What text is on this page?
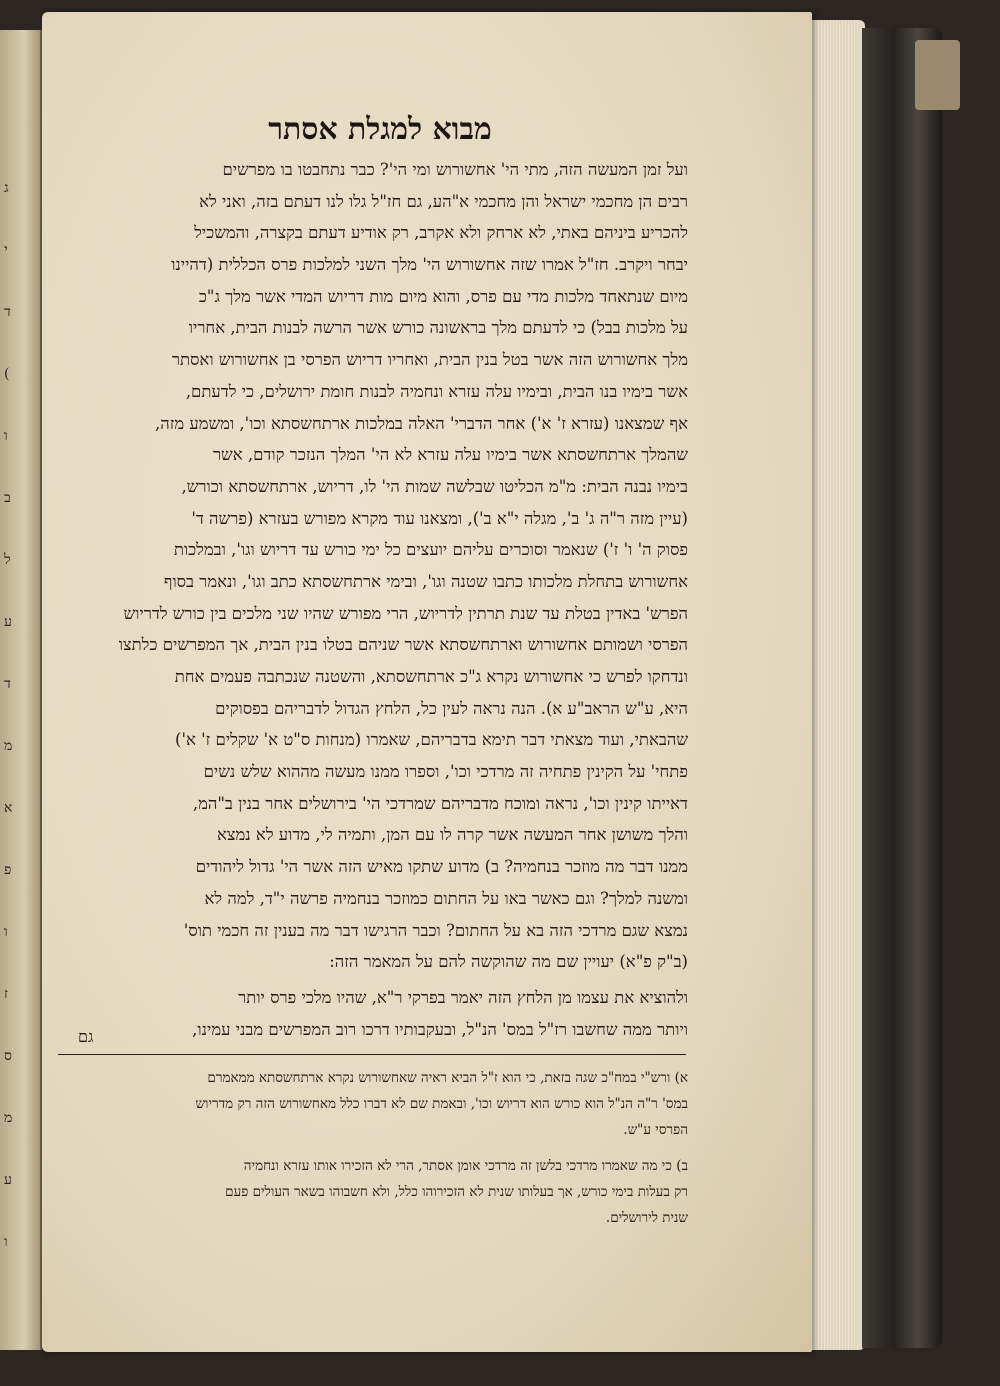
ג
י
ד
(
ו
ב
ל
ע
ד
מ
א
פ
ו
ז
ס
מ
ע
ו
מבוא למגלת אסתר
ועל זמן המעשה הזה, מתי הי' אחשורוש ומי הי'? כבר נתחבטו בו מפרשים
רבים הן מחכמי ישראל והן מחכמי א"הע, גם חז"ל גלו לנו דעתם בזה, ואני לא
להכריע ביניהם באתי, לא ארחק ולא אקרב, רק אודיע דעתם בקצרה, והמשכיל
יבחר ויקרב. חז"ל אמרו שזה אחשורוש הי' מלך השני למלכות פרס הכללית (דהיינו
מיום שנתאחד מלכות מדי עם פרס, והוא מיום מות דריוש המדי אשר מלך ג"כ
על מלכות בבל) כי לדעתם מלך בראשונה כורש אשר הרשה לבנות הבית, אחריו
מלך אחשורוש הזה אשר בטל בנין הבית, ואחריו דריוש הפרסי בן אחשורוש ואסתר
אשר בימיו בנו הבית, ובימיו עלה עזרא ונחמיה לבנות חומת ירושלים, כי לדעתם,
אף שמצאנו (עזרא ז' א') אחר הדברי' האלה במלכות ארתחשסתא וכו', ומשמע מזה,
שהמלך ארתחשסתא אשר בימיו עלה עזרא לא הי' המלך הנזכר קודם, אשר
בימיו נבנה הבית: מ"מ הכליטו שבלשה שמות הי' לו, דריוש, ארתחשסתא וכורש,
(עיין מזה ר"ה ג' ב', מגלה י"א ב'), ומצאנו עוד מקרא מפורש בעזרא (פרשה ד'
פסוק ה' ו' ז') שנאמר וסוכרים עליהם יועצים כל ימי כורש עד דריוש וגו', ובמלכות
אחשורוש בתחלת מלכותו כתבו שטנה וגו', ובימי ארתחשסתא כתב וגו', ונאמר בסוף
הפרש' באדין בטלת עד שנת תרתין לדריוש, הרי מפורש שהיו שני מלכים בין כורש לדריוש
הפרסי ושמותם אחשורוש וארתחשסתא אשר שניהם בטלו בנין הבית, אך המפרשים כלתצו
ונדחקו לפרש כי אחשורוש נקרא ג"כ ארתחשסתא, והשטנה שנכתבה פעמים אחת
היא, ע"ש הראב"ע א). הנה נראה לעין כל, הלחץ הגדול לדבריהם בפסוקים
שהבאתי, ועוד מצאתי דבר תימא בדבריהם, שאמרו (מנחות ס"ט א' שקלים ז' א')
פתחי' על הקינין פתחיה זה מרדכי וכו', וספרו ממנו מעשה מההוא שלש נשים
דאייתו קינין וכו', נראה ומוכח מדבריהם שמרדכי הי' בירושלים אחר בנין ב"המ,
והלך משושן אחר המעשה אשר קרה לו עם המן, ותמיה לי, מדוע לא נמצא
ממנו דבר מה מוזכר בנחמיה? ב) מדוע שתקו מאיש הזה אשר הי' גדול ליהודים
ומשנה למלך? וגם כאשר באו על החתום כמוזכר בנחמיה פרשה י"ד, למה לא
נמצא שגם מרדכי הזה בא על החתום? וכבר הרגישו דבר מה בענין זה חכמי תוס'
(ב"ק פ"א) יעויין שם מה שהוקשה להם על המאמר הזה:
ולהוציא את עצמו מן הלחץ הזה יאמר בפרקי ר"א, שהיו מלכי פרס יותר
ויותר ממה שחשבו רז"ל במס' הנ"ל, ובעקבותיו דרכו רוב המפרשים מבני עמינו,
גם
א) ורש"י במח"כ שגה בזאת, כי הוא ז"ל הביא ראיה שאחשורוש נקרא ארתחשסתא ממאמרם
במס' ר"ה הנ"ל הוא כורש הוא דריוש וכו', ובאמת שם לא דברו כלל מאחשורוש הזה רק מדריוש
הפרסי ע"ש.
ב) כי מה שאמרו מרדכי בלשן זה מרדכי אומן אסתר, הרי לא הזכירו אותו עזרא ונחמיה
רק בעלות בימי כורש, אך בעלותו שנית לא הזכירוהו כלל, ולא חשבוהו בשאר העולים פעם
שנית לירושלים.
